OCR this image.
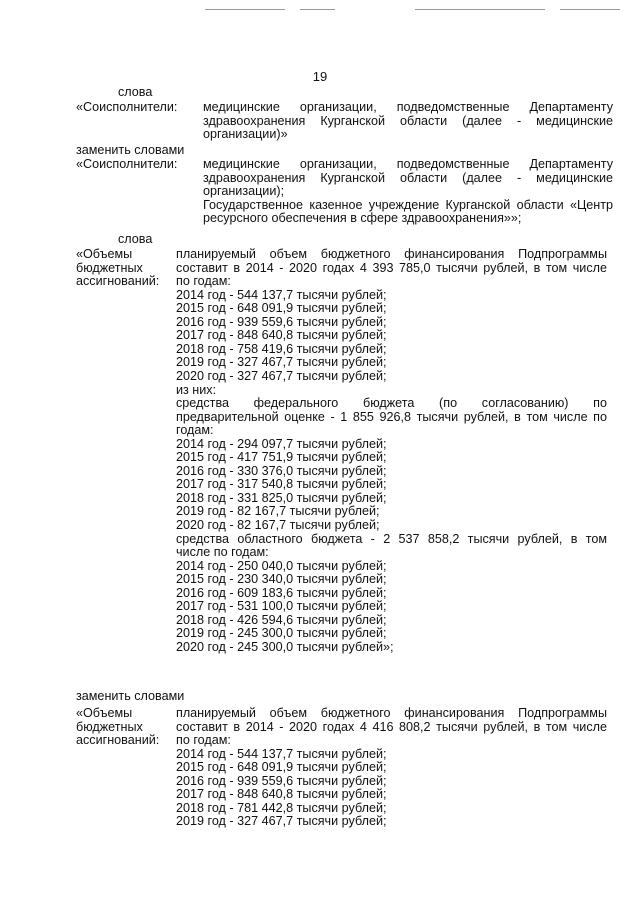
19
слова
«Соисполнители: медицинские организации, подведомственные Департаменту
здравоохранения Курганской области (далее - медицинские
организации)»
заменить словами
«Соисполнители: медицинские организации, подведомственные Департаменту
здравоохранения Курганской области (далее - медицинские
организации);
Государственное казенное учреждение Курганской области «Центр
ресурсного обеспечения в сфере здравоохранения»»;
слова
«Объемы
бюджетных
ассигнований:
планируемый объем бюджетного финансирования Подпрограммы
составит в 2014 - 2020 годах 4 393 785,0 тысячи рублей, в том числе
по годам:
2014 год - 544 137,7 тысячи рублей;
2015 год - 648 091,9 тысячи рублей;
2016 год - 939 559,6 тысячи рублей;
2017 год - 848 640,8 тысячи рублей;
2018 год - 758 419,6 тысячи рублей;
2019 год - 327 467,7 тысячи рублей;
2020 год - 327 467,7 тысячи рублей;
из них:
средства федерального бюджета (по согласованию) по
предварительной оценке - 1 855 926,8 тысячи рублей, в том числе по
годам:
2014 год - 294 097,7 тысячи рублей;
2015 год - 417 751,9 тысячи рублей;
2016 год - 330 376,0 тысячи рублей;
2017 год - 317 540,8 тысячи рублей;
2018 год - 331 825,0 тысячи рублей;
2019 год - 82 167,7 тысячи рублей;
2020 год - 82 167,7 тысячи рублей;
средства областного бюджета - 2 537 858,2 тысячи рублей, в том
числе по годам:
2014 год - 250 040,0 тысячи рублей;
2015 год - 230 340,0 тысячи рублей;
2016 год - 609 183,6 тысячи рублей;
2017 год - 531 100,0 тысячи рублей;
2018 год - 426 594,6 тысячи рублей;
2019 год - 245 300,0 тысячи рублей;
2020 год - 245 300,0 тысячи рублей»;
заменить словами
«Объемы
бюджетных
ассигнований:
планируемый объем бюджетного финансирования Подпрограммы
составит в 2014 - 2020 годах 4 416 808,2 тысячи рублей, в том числе
по годам:
2014 год - 544 137,7 тысячи рублей;
2015 год - 648 091,9 тысячи рублей;
2016 год - 939 559,6 тысячи рублей;
2017 год - 848 640,8 тысячи рублей;
2018 год - 781 442,8 тысячи рублей;
2019 год - 327 467,7 тысячи рублей;
